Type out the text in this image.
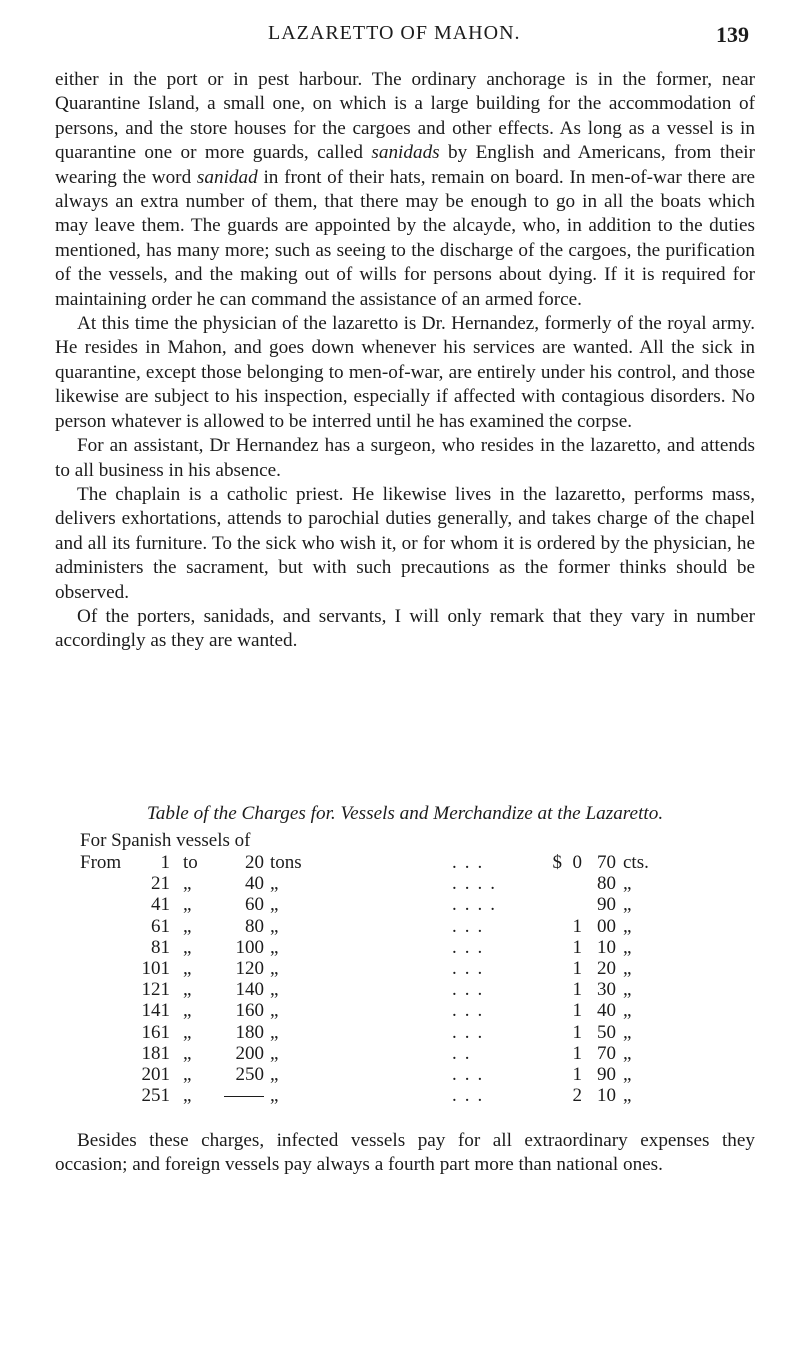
LAZARETTO OF MAHON.	139

either in the port or in pest harbour. The ordinary anchorage is in the former, near Quarantine Island, a small one, on which is a large building for the accommodation of persons, and the store houses for the cargoes and other effects. As long as a vessel is in quarantine one or more guards, called sanidads by English and Americans, from their wearing the word sanidad in front of their hats, remain on board. In men-of-war there are always an extra number of them, that there may be enough to go in all the boats which may leave them. The guards are appointed by the alcayde, who, in addition to the duties mentioned, has many more; such as seeing to the discharge of the cargoes, the purification of the vessels, and the making out of wills for persons about dying. If it is required for maintaining order he can command the assistance of an armed force.

At this time the physician of the lazaretto is Dr. Hernandez, formerly of the royal army. He resides in Mahon, and goes down whenever his services are wanted. All the sick in quarantine, except those belonging to men-of-war, are entirely under his control, and those likewise are subject to his inspection, especially if affected with contagious disorders. No person whatever is allowed to be interred until he has examined the corpse.

For an assistant, Dr Hernandez has a surgeon, who resides in the lazaretto, and attends to all business in his absence.

The chaplain is a catholic priest. He likewise lives in the lazaretto, performs mass, delivers exhortations, attends to parochial duties generally, and takes charge of the chapel and all its furniture. To the sick who wish it, or for whom it is ordered by the physician, he administers the sacrament, but with such precautions as the former thinks should be observed.

Of the porters, sanidads, and servants, I will only remark that they vary in number accordingly as they are wanted.

Table of the Charges for. Vessels and Merchandize at the Lazaretto.
For Spanish vessels of
From	1 to	20 tons	...	$ 0 70 cts.
21 „	40 „	....	80 „
41 „	60 „	....	90 „
61 „	80 „	...	1 00 „
81 „	100 „	...	1 10 „
101 „	120 „	...	1 20 „
121 „	140 „	...	1 30 „
141 „	160 „	...	1 40 „
161 „	180 „	...	1 50 „
181 „	200 „	..	1 70 „
201 „	250 „	...	1 90 „
251 „	„	...	2 10 „

Besides these charges, infected vessels pay for all extraordinary expenses they occasion; and foreign vessels pay always a fourth part more than national ones.
